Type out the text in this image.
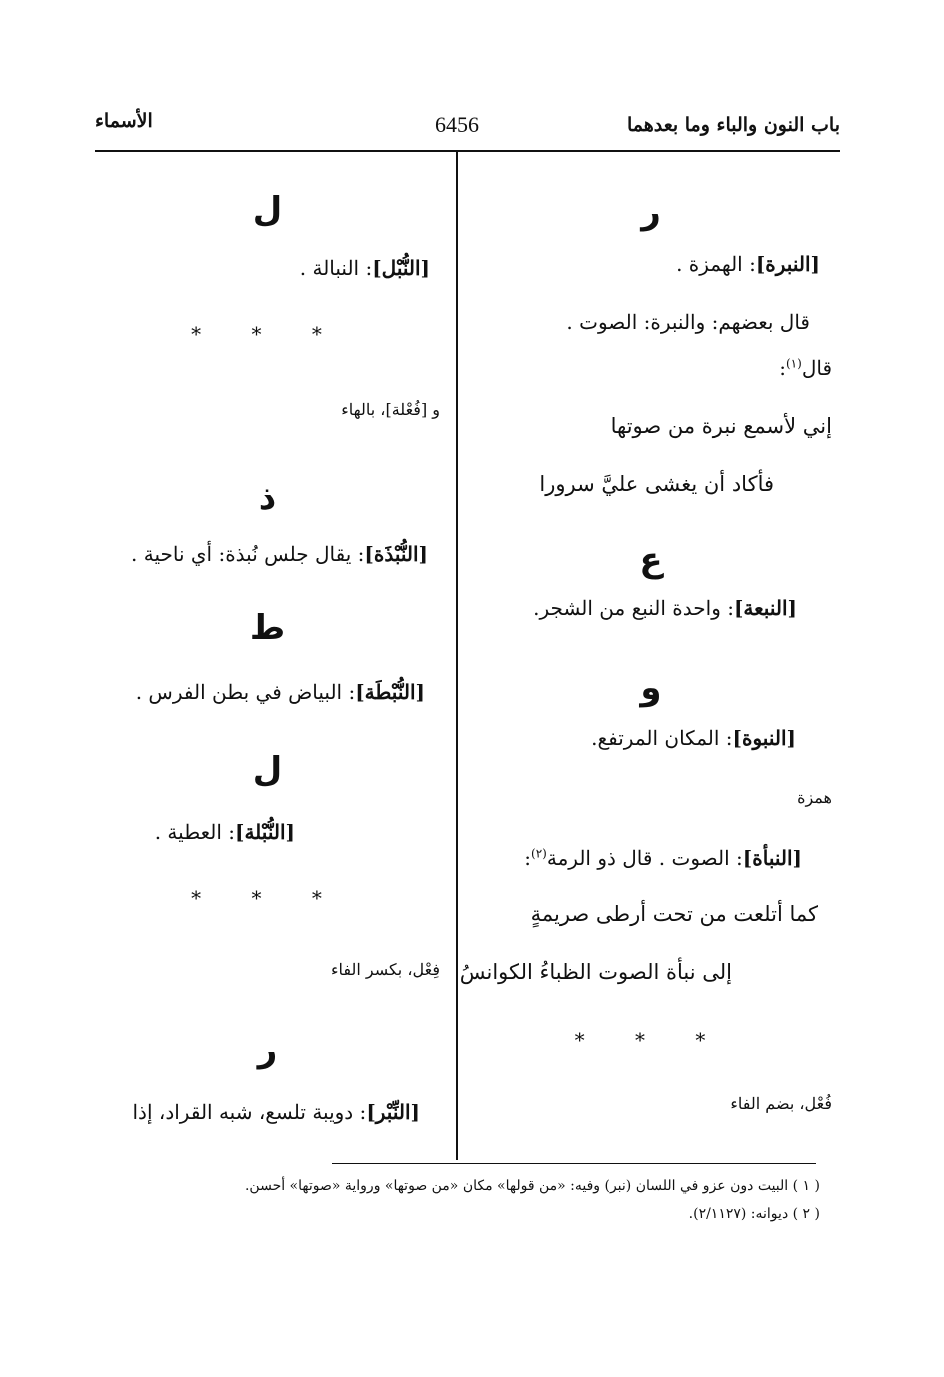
باب النون والباء وما بعدهما
6456
الأسماء
ر
[النبرة]: الهمزة .
قال بعضهم: والنبرة: الصوت .
قال$^{(١)}$:
إني لأسمع نبرة من صوتها
فأكاد أن يغشى عليَّ سرورا
ع
[النبعة]: واحدة النبع من الشجر.
و
[النبوة]: المكان المرتفع.
همزة
[النبأة]: الصوت . قال ذو الرمة$^{(٢)}$:
كما أتلعت من تحت أرطى صريمةٍ
إلى نبأة الصوت الظباءُ الكوانسُ
* * *
فُعْل، بضم الفاء
ل
[النُّبْل]: النبالة .
* * *
و [فُعْلة]، بالهاء
ذ
[النُّبْذَة]: يقال جلس نُبذة: أي ناحية .
ط
[النُّبْطَة]: البياض في بطن الفرس .
ل
[النُّبْلة]: العطية .
* * *
فِعْل، بكسر الفاء
ر
[النِّبْر]: دويبة تلسع، شبه القراد، إذا
( ١ ) البيت دون عزو في اللسان (نبر) وفيه: «من قولها» مكان «من صوتها» ورواية «صوتها» أحسن.
( ٢ ) ديوانه: (٢/١١٢٧).
